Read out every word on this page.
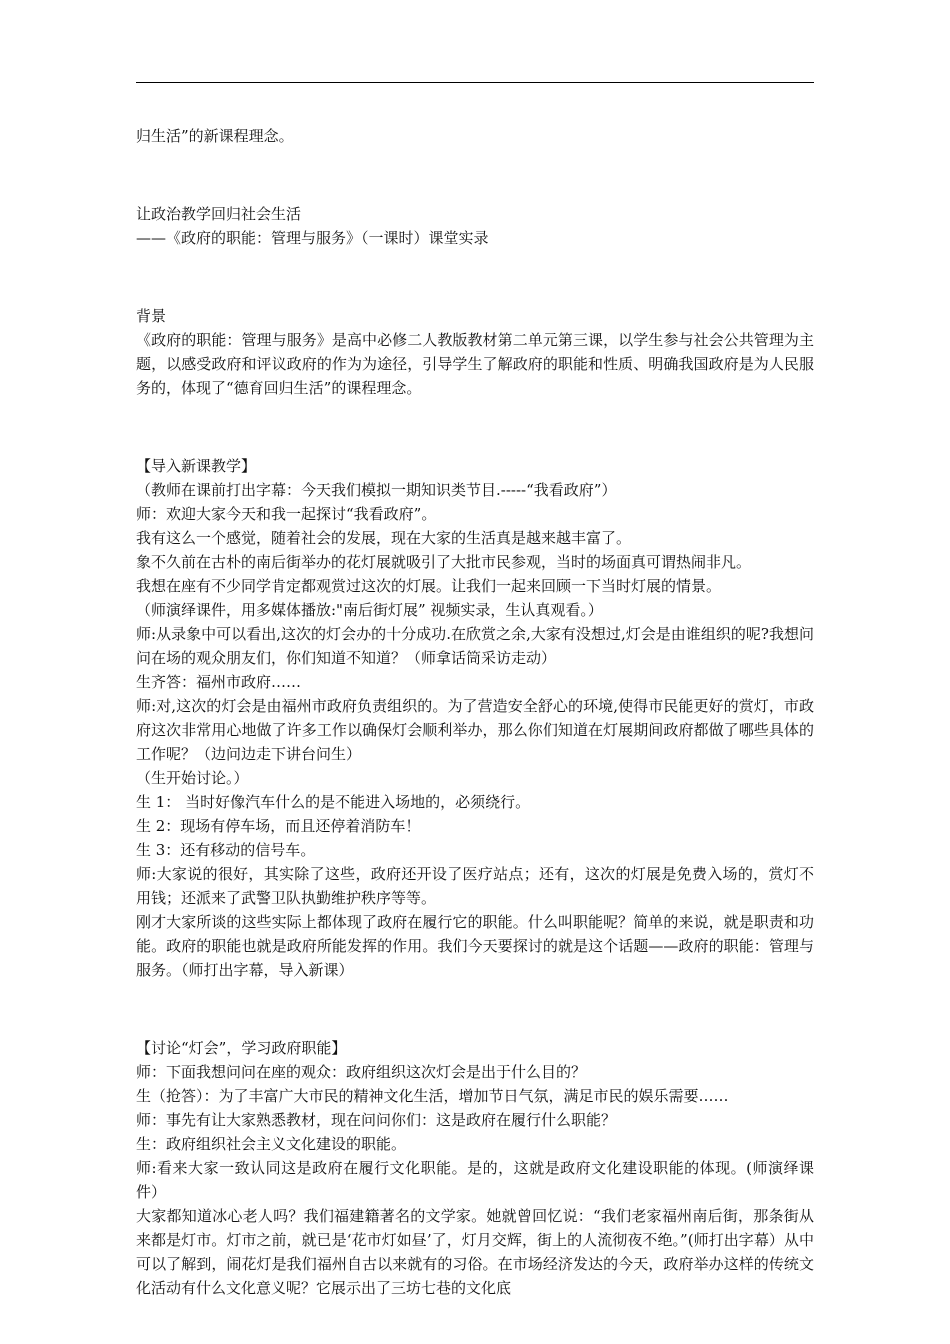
归生活”的新课程理念。

让政治教学回归社会生活

——《政府的职能：管理与服务》（一课时）课堂实录

背景

《政府的职能：管理与服务》是高中必修二人教版教材第二单元第三课，以学生参与社会公共管理为主题，以感受政府和评议政府的作为为途径，引导学生了解政府的职能和性质、明确我国政府是为人民服务的，体现了“德育回归生活”的课程理念。

【导入新课教学】

（教师在课前打出字幕：今天我们模拟一期知识类节目.-----“我看政府”）

师：欢迎大家今天和我一起探讨“我看政府”。

我有这么一个感觉，随着社会的发展，现在大家的生活真是越来越丰富了。

象不久前在古朴的南后街举办的花灯展就吸引了大批市民参观，当时的场面真可谓热闹非凡。

我想在座有不少同学肯定都观赏过这次的灯展。让我们一起来回顾一下当时灯展的情景。

（师演绎课件，用多媒体播放:"南后街灯展” 视频实录，生认真观看。）

师:从录象中可以看出,这次的灯会办的十分成功.在欣赏之余,大家有没想过,灯会是由谁组织的呢?我想问问在场的观众朋友们，你们知道不知道？（师拿话筒采访走动）

生齐答：福州市政府……

师:对,这次的灯会是由福州市政府负责组织的。为了营造安全舒心的环境,使得市民能更好的赏灯，市政府这次非常用心地做了许多工作以确保灯会顺利举办，那么你们知道在灯展期间政府都做了哪些具体的工作呢？（边问边走下讲台问生）

（生开始讨论。）

生 1： 当时好像汽车什么的是不能进入场地的，必须绕行。

生 2：现场有停车场，而且还停着消防车！

生 3：还有移动的信号车。

师:大家说的很好，其实除了这些，政府还开设了医疗站点；还有，这次的灯展是免费入场的，赏灯不用钱；还派来了武警卫队执勤维护秩序等等。

刚才大家所谈的这些实际上都体现了政府在履行它的职能。什么叫职能呢？简单的来说，就是职责和功能。政府的职能也就是政府所能发挥的作用。我们今天要探讨的就是这个话题——政府的职能：管理与服务。（师打出字幕，导入新课）

【讨论“灯会”，学习政府职能】

师：下面我想问问在座的观众：政府组织这次灯会是出于什么目的？

生（抢答）：为了丰富广大市民的精神文化生活，增加节日气氛，满足市民的娱乐需要……

师：事先有让大家熟悉教材，现在问问你们：这是政府在履行什么职能？

生：政府组织社会主义文化建设的职能。

师:看来大家一致认同这是政府在履行文化职能。是的，这就是政府文化建设职能的体现。(师演绎课件）

大家都知道冰心老人吗？我们福建籍著名的文学家。她就曾回忆说：“我们老家福州南后街，那条街从来都是灯市。灯市之前，就已是‘花市灯如昼’了，灯月交辉，街上的人流彻夜不绝。”(师打出字幕）从中可以了解到，闹花灯是我们福州自古以来就有的习俗。在市场经济发达的今天，政府举办这样的传统文化活动有什么文化意义呢？它展示出了三坊七巷的文化底
